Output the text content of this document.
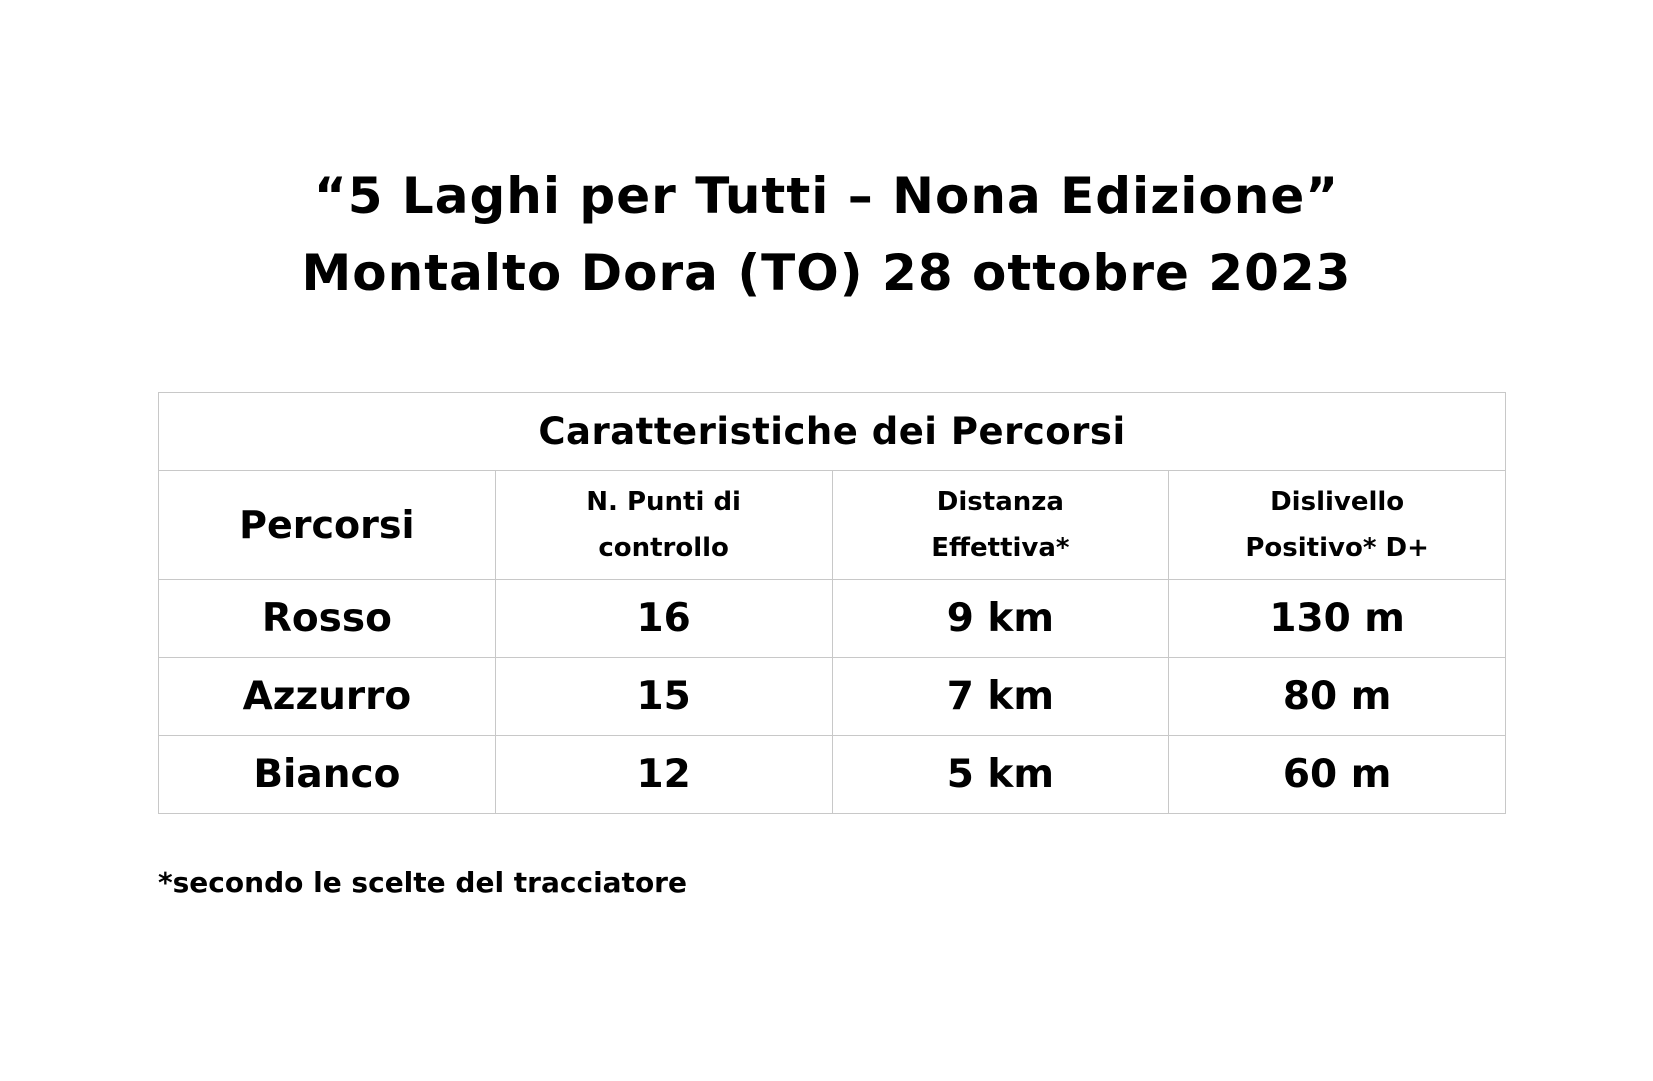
“5 Laghi per Tutti – Nona Edizione”
Montalto Dora (TO) 28 ottobre 2023
Caratteristiche dei Percorsi			
Percorsi	N. Punti di controllo	Distanza Effettiva*	Dislivello Positivo* D+
Rosso	16	9 km	130 m
Azzurro	15	7 km	80 m
Bianco	12	5 km	60 m
*secondo le scelte del tracciatore
